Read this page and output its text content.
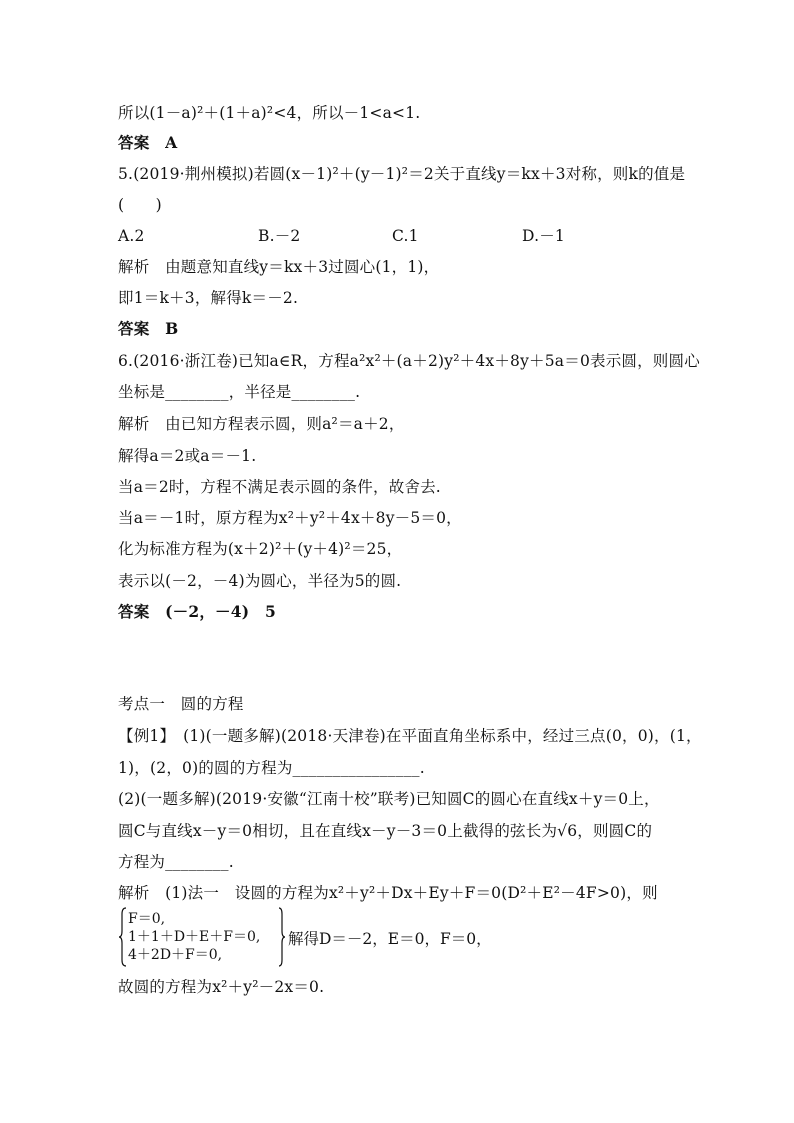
所以(1－a)²＋(1＋a)²<4，所以－1<a<1.
答案　A
5.(2019·荆州模拟)若圆(x－1)²＋(y－1)²＝2关于直线y＝kx＋3对称，则k的值是
(　　)
A.2	B.－2	C.1	D.－1
解析　由题意知直线y＝kx＋3过圆心(1，1)，
即1＝k＋3，解得k＝－2.
答案　B
6.(2016·浙江卷)已知a∈R，方程a²x²＋(a＋2)y²＋4x＋8y＋5a＝0表示圆，则圆心
坐标是________，半径是________.
解析　由已知方程表示圆，则a²＝a＋2，
解得a＝2或a＝－1.
当a＝2时，方程不满足表示圆的条件，故舍去.
当a＝－1时，原方程为x²＋y²＋4x＋8y－5＝0，
化为标准方程为(x＋2)²＋(y＋4)²＝25，
表示以(－2，－4)为圆心，半径为5的圆.
答案　(－2，－4)　5
考点一　圆的方程
【例1】　(1)(一题多解)(2018·天津卷)在平面直角坐标系中，经过三点(0，0)，(1，
1)，(2，0)的圆的方程为________________.
(2)(一题多解)(2019·安徽“江南十校”联考)已知圆C的圆心在直线x＋y＝0上，
圆C与直线x－y＝0相切，且在直线x－y－3＝0上截得的弦长为√6，则圆C的
方程为________.
解析　(1)法一　设圆的方程为x²＋y²＋Dx＋Ey＋F＝0(D²＋E²－4F>0)，则
F＝0,
1＋1＋D＋E＋F＝0,
4＋2D＋F＝0,
解得D＝－2，E＝0，F＝0，
故圆的方程为x²＋y²－2x＝0.
